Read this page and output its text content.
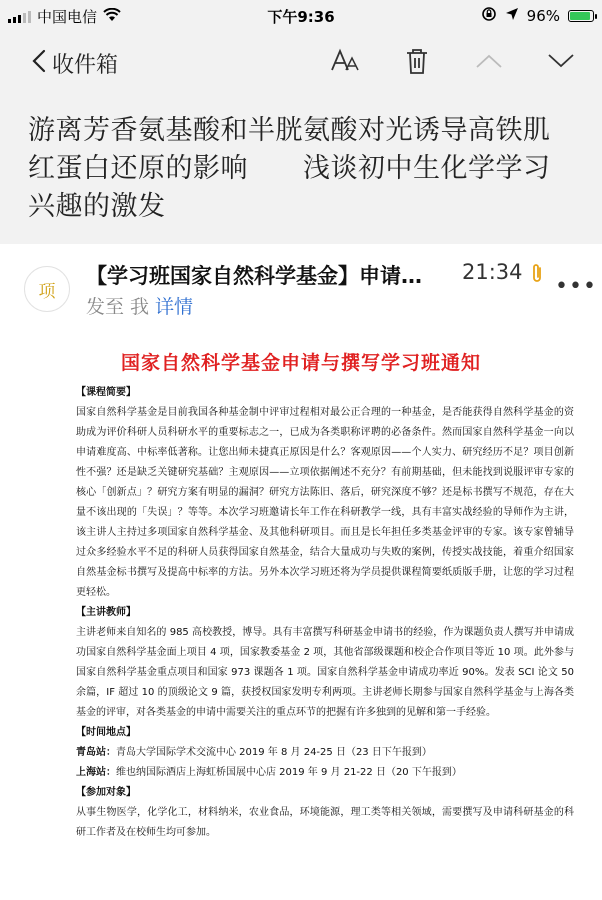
中国电信	下午9:36	96%
收件箱
游离芳香氨基酸和半胱氨酸对光诱导高铁肌红蛋白还原的影响　　浅谈初中生化学学习兴趣的激发
项
【学习班国家自然科学基金】申请…	21:34
•••
发至 我 详情
国家自然科学基金申请与撰写学习班通知
【课程简要】

国家自然科学基金是目前我国各种基金制中评审过程相对最公正合理的一种基金，是否能获得自然科学基金的资助成为评价科研人员科研水平的重要标志之一，已成为各类职称评聘的必备条件。然而国家自然科学基金一向以申请难度高、中标率低著称。让您出师未捷真正原因是什么？客观原因——个人实力、研究经历不足？项目创新性不强？还是缺乏关键研究基础？主观原因——立项依据阐述不充分？有前期基础，但未能找到说服评审专家的核心「创新点」？研究方案有明显的漏洞？研究方法陈旧、落后，研究深度不够？还是标书撰写不规范，存在大量不该出现的「失误」？等等。本次学习班邀请长年工作在科研教学一线，具有丰富实战经验的导师作为主讲，该主讲人主持过多项国家自然科学基金、及其他科研项目。而且是长年担任多类基金评审的专家。该专家曾辅导过众多经验水平不足的科研人员获得国家自然基金，结合大量成功与失败的案例，传授实战技能，着重介绍国家自然基金标书撰写及提高中标率的方法。另外本次学习班还将为学员提供课程简要纸质版手册，让您的学习过程更轻松。

【主讲教师】

主讲老师来自知名的 985 高校教授，博导。具有丰富撰写科研基金申请书的经验，作为课题负责人撰写并申请成功国家自然科学基金面上项目 4 项，国家教委基金 2 项，其他省部级课题和校企合作项目等近 10 项。此外参与国家自然科学基金重点项目和国家 973 课题各 1 项。国家自然科学基金申请成功率近 90%。发表 SCI 论文 50 余篇，IF 超过 10 的顶级论文 9 篇，获授权国家发明专利两项。主讲老师长期参与国家自然科学基金与上海各类基金的评审，对各类基金的申请中需要关注的重点环节的把握有许多独到的见解和第一手经验。

【时间地点】

青岛站：青岛大学国际学术交流中心 2019 年 8 月 24-25 日（23 日下午报到）

上海站：维也纳国际酒店上海虹桥国展中心店 2019 年 9 月 21-22 日（20 下午报到）

【参加对象】

从事生物医学，化学化工，材料纳米，农业食品，环境能源，理工类等相关领域，需要撰写及申请科研基金的科研工作者及在校师生均可参加。
